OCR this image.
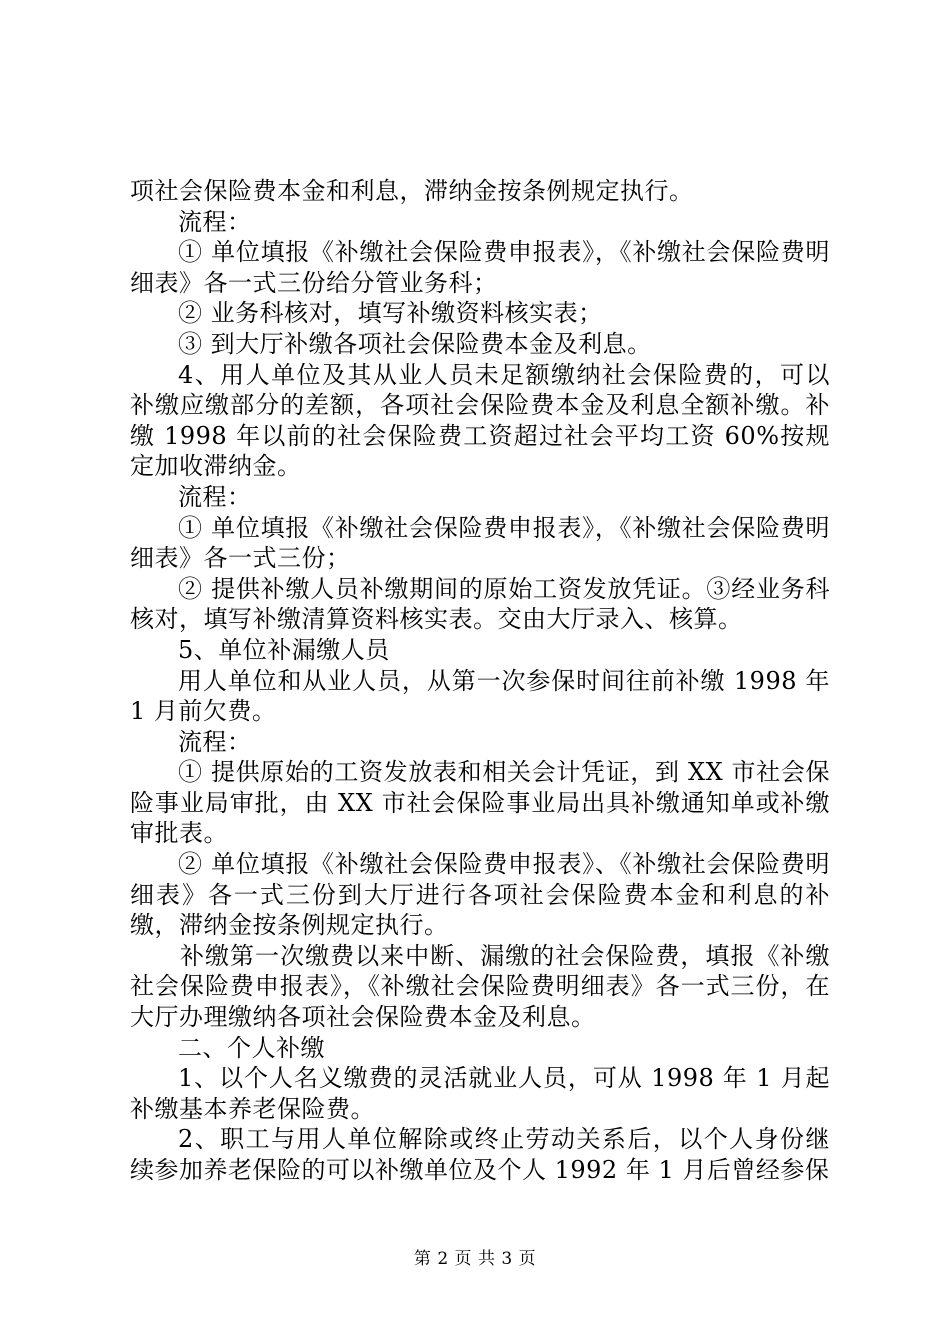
项社会保险费本金和利息，滞纳金按条例规定执行。

流程：

① 单位填报《补缴社会保险费申报表》，《补缴社会保险费明细表》各一式三份给分管业务科；

② 业务科核对，填写补缴资料核实表；

③ 到大厅补缴各项社会保险费本金及利息。

4、用人单位及其从业人员未足额缴纳社会保险费的，可以补缴应缴部分的差额，各项社会保险费本金及利息全额补缴。补缴 1998 年以前的社会保险费工资超过社会平均工资 60%按规定加收滞纳金。

流程：

① 单位填报《补缴社会保险费申报表》，《补缴社会保险费明细表》各一式三份；

② 提供补缴人员补缴期间的原始工资发放凭证。③经业务科核对，填写补缴清算资料核实表。交由大厅录入、核算。

5、单位补漏缴人员

用人单位和从业人员，从第一次参保时间往前补缴 1998 年 1 月前欠费。

流程：

① 提供原始的工资发放表和相关会计凭证，到 XX 市社会保险事业局审批，由 XX 市社会保险事业局出具补缴通知单或补缴审批表。

② 单位填报《补缴社会保险费申报表》、《补缴社会保险费明细表》各一式三份到大厅进行各项社会保险费本金和利息的补缴，滞纳金按条例规定执行。

补缴第一次缴费以来中断、漏缴的社会保险费，填报《补缴社会保险费申报表》，《补缴社会保险费明细表》各一式三份，在大厅办理缴纳各项社会保险费本金及利息。

二、个人补缴

1、以个人名义缴费的灵活就业人员，可从 1998 年 1 月起补缴基本养老保险费。

2、职工与用人单位解除或终止劳动关系后，以个人身份继续参加养老保险的可以补缴单位及个人 1992 年 1 月后曾经参保

第 2 页 共 3 页
